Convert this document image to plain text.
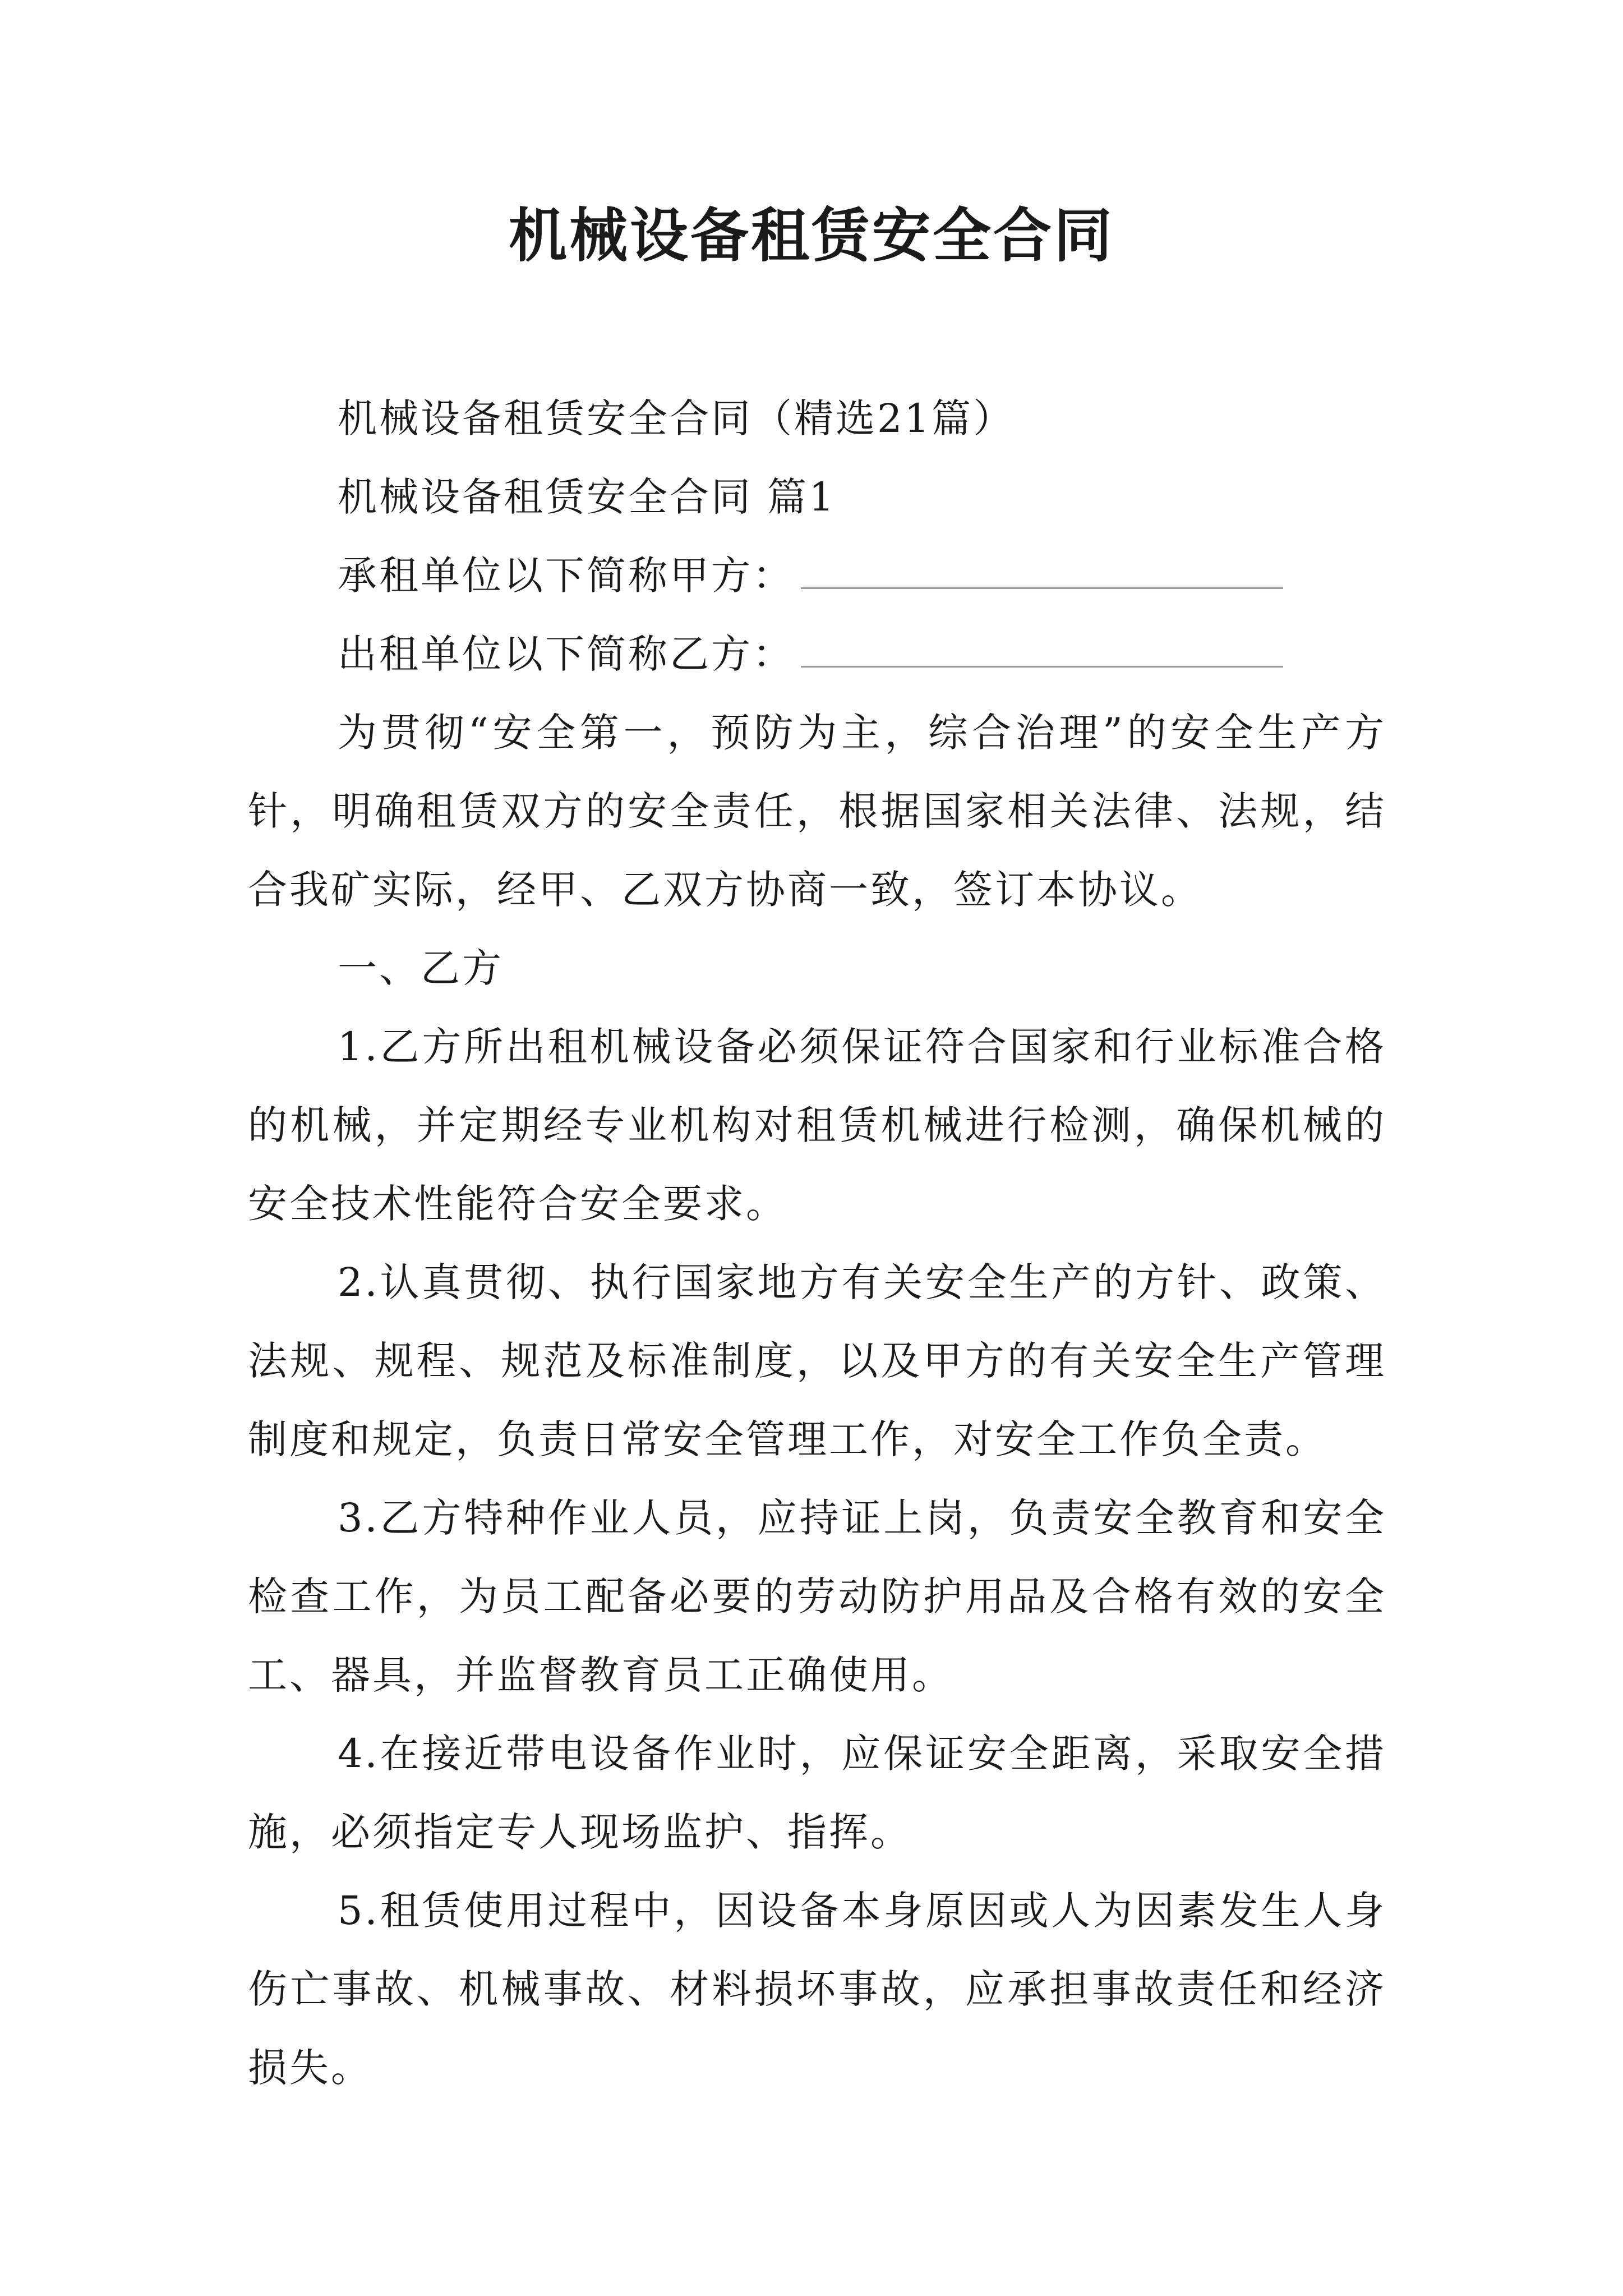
机械设备租赁安全合同

机械设备租赁安全合同（精选21篇）

机械设备租赁安全合同 篇1

承租单位以下简称甲方：

出租单位以下简称乙方：

为贯彻“安全第一，预防为主，综合治理”的安全生产方针，明确租赁双方的安全责任，根据国家相关法律、法规，结合我矿实际，经甲、乙双方协商一致，签订本协议。

一、乙方

1.乙方所出租机械设备必须保证符合国家和行业标准合格的机械，并定期经专业机构对租赁机械进行检测，确保机械的安全技术性能符合安全要求。

2.认真贯彻、执行国家地方有关安全生产的方针、政策、法规、规程、规范及标准制度，以及甲方的有关安全生产管理制度和规定，负责日常安全管理工作，对安全工作负全责。

3.乙方特种作业人员，应持证上岗，负责安全教育和安全检查工作，为员工配备必要的劳动防护用品及合格有效的安全工、器具，并监督教育员工正确使用。

4.在接近带电设备作业时，应保证安全距离，采取安全措施，必须指定专人现场监护、指挥。

5.租赁使用过程中，因设备本身原因或人为因素发生人身伤亡事故、机械事故、材料损坏事故，应承担事故责任和经济损失。
